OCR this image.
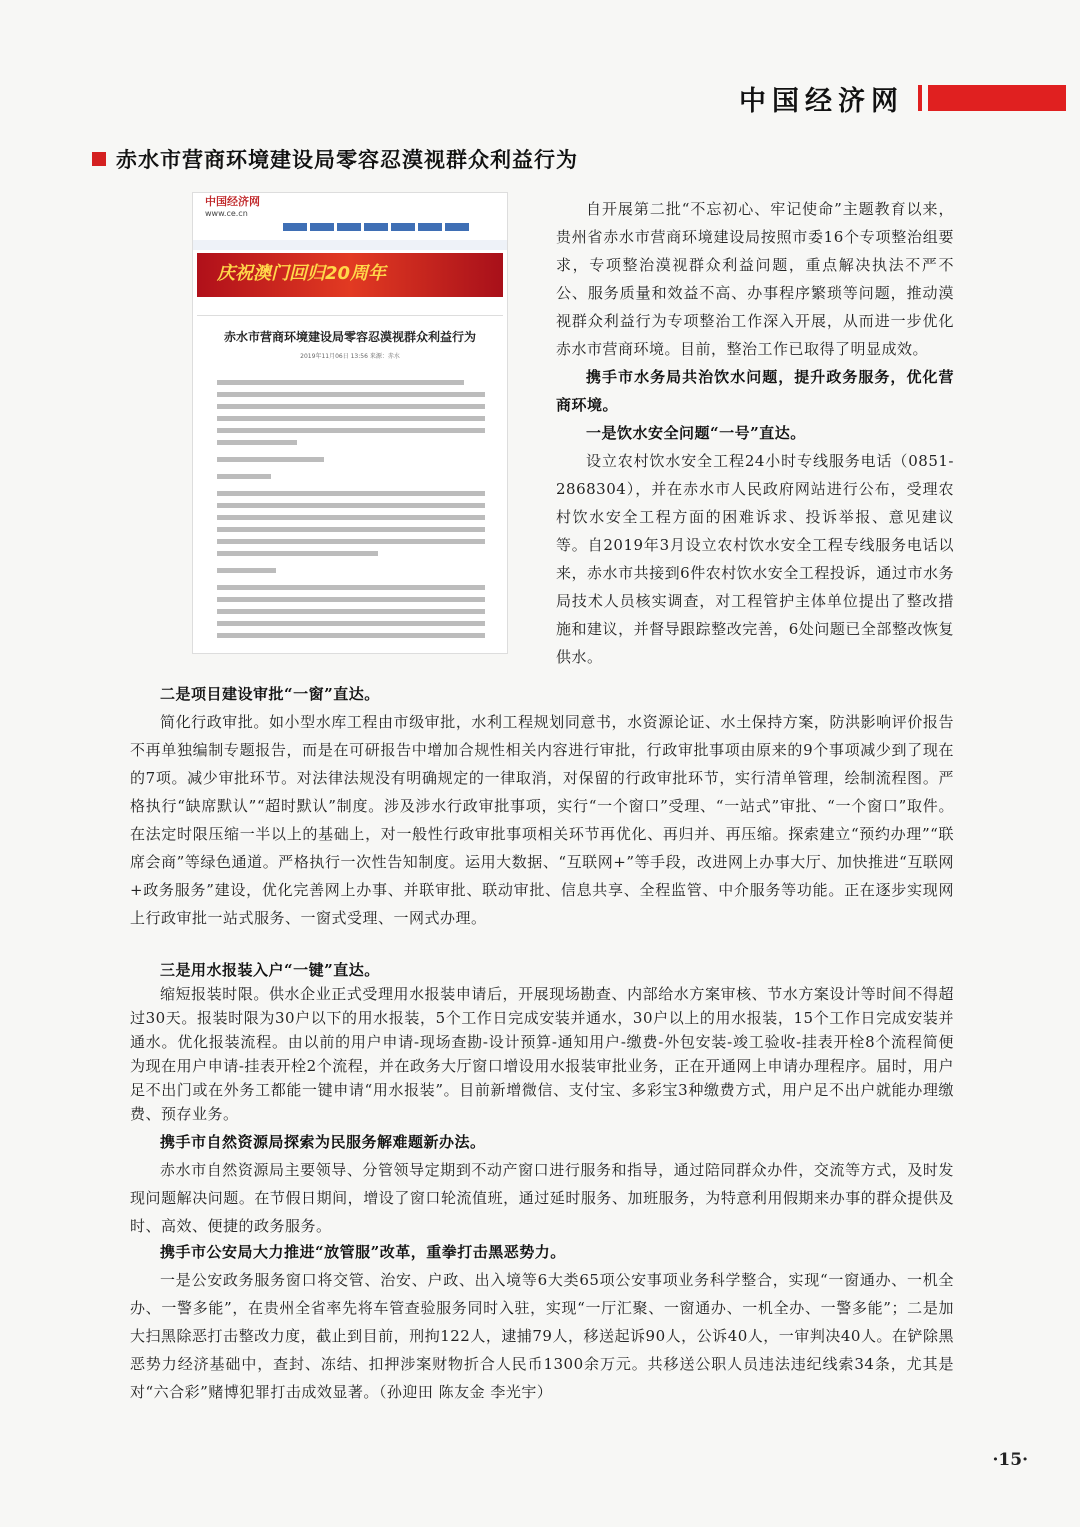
中国经济网
赤水市营商环境建设局零容忍漠视群众利益行为
中国经济网
www.ce.cn
庆祝澳门回归20周年
赤水市营商环境建设局零容忍漠视群众利益行为
2019年11月06日 13:56 来源：赤水

自开展第二批“不忘初心、牢记使命”主题教育以来，贵州省赤水市营商环境建设局按照市委16个专项整治组要求，专项整治漠视群众利益问题，重点解决执法不严不公、服务质量和效益不高、办事程序繁琐等问题，推动漠视群众利益行为专项整治工作深入开展，从而进一步优化赤水市营商环境。目前，整治工作已取得了明显成效。

携手市水务局共治饮水问题，提升政务服务，优化营商环境。

一是饮水安全问题“一号”直达。

设立农村饮水安全工程24小时专线服务电话（0851-2868304），并在赤水市人民政府网站进行公布，受理农村饮水安全工程方面的困难诉求、投诉举报、意见建议等。自2019年3月设立农村饮水安全工程专线服务电话以来，赤水市共接到6件农村饮水安全工程投诉，通过市水务局技术人员核实调查，对工程管护主体单位提出了整改措施和建议，并督导跟踪整改完善，6处问题已全部整改恢复供水。

二是项目建设审批“一窗”直达。

简化行政审批。如小型水库工程由市级审批，水利工程规划同意书，水资源论证、水土保持方案，防洪影响评价报告不再单独编制专题报告，而是在可研报告中增加合规性相关内容进行审批，行政审批事项由原来的9个事项减少到了现在的7项。减少审批环节。对法律法规没有明确规定的一律取消，对保留的行政审批环节，实行清单管理，绘制流程图。严格执行“缺席默认”“超时默认”制度。涉及涉水行政审批事项，实行“一个窗口”受理、“一站式”审批、“一个窗口”取件。在法定时限压缩一半以上的基础上，对一般性行政审批事项相关环节再优化、再归并、再压缩。探索建立“预约办理”“联席会商”等绿色通道。严格执行一次性告知制度。运用大数据、“互联网+”等手段，改进网上办事大厅、加快推进“互联网+政务服务”建设，优化完善网上办事、并联审批、联动审批、信息共享、全程监管、中介服务等功能。正在逐步实现网上行政审批一站式服务、一窗式受理、一网式办理。

三是用水报装入户“一键”直达。

缩短报装时限。供水企业正式受理用水报装申请后，开展现场勘查、内部给水方案审核、节水方案设计等时间不得超过30天。报装时限为30户以下的用水报装，5个工作日完成安装并通水，30户以上的用水报装，15个工作日完成安装并通水。优化报装流程。由以前的用户申请-现场查勘-设计预算-通知用户-缴费-外包安装-竣工验收-挂表开栓8个流程简便为现在用户申请-挂表开栓2个流程，并在政务大厅窗口增设用水报装审批业务，正在开通网上申请办理程序。届时，用户足不出门或在外务工都能一键申请“用水报装”。目前新增微信、支付宝、多彩宝3种缴费方式，用户足不出户就能办理缴费、预存业务。

携手市自然资源局探索为民服务解难题新办法。

赤水市自然资源局主要领导、分管领导定期到不动产窗口进行服务和指导，通过陪同群众办件，交流等方式，及时发现问题解决问题。在节假日期间，增设了窗口轮流值班，通过延时服务、加班服务，为特意利用假期来办事的群众提供及时、高效、便捷的政务服务。

携手市公安局大力推进“放管服”改革，重拳打击黑恶势力。

一是公安政务服务窗口将交管、治安、户政、出入境等6大类65项公安事项业务科学整合，实现“一窗通办、一机全办、一警多能”，在贵州全省率先将车管查验服务同时入驻，实现“一厅汇聚、一窗通办、一机全办、一警多能”；二是加大扫黑除恶打击整改力度，截止到目前，刑拘122人，逮捕79人，移送起诉90人，公诉40人，一审判决40人。在铲除黑恶势力经济基础中，查封、冻结、扣押涉案财物折合人民币1300余万元。共移送公职人员违法违纪线索34条，尤其是对“六合彩”赌博犯罪打击成效显著。（孙迎田 陈友金 李光宇）

·15·
